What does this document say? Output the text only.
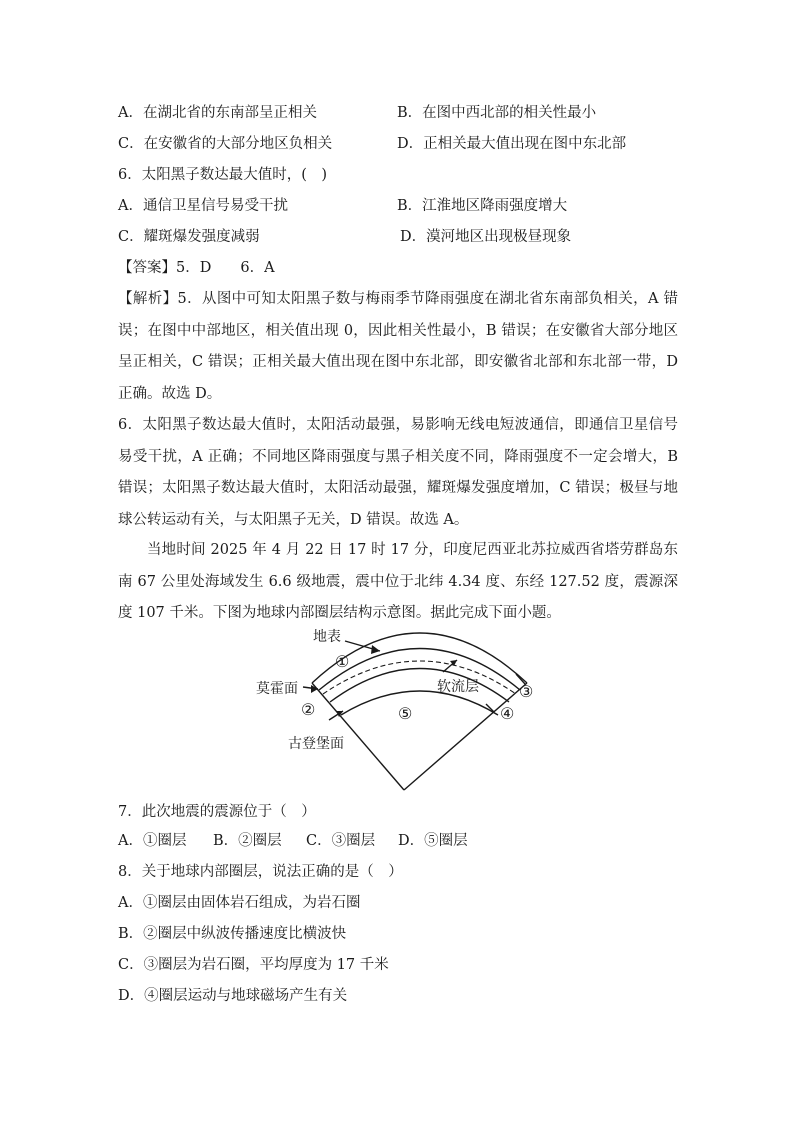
A．在湖北省的东南部呈正相关	B．在图中西北部的相关性最小
C．在安徽省的大部分地区负相关	D．正相关最大值出现在图中东北部
6．太阳黑子数达最大值时，(　)
A．通信卫星信号易受干扰	B．江淮地区降雨强度增大
C．耀斑爆发强度减弱	D．漠河地区出现极昼现象
【答案】5．D　　6．A
【解析】5．从图中可知太阳黑子数与梅雨季节降雨强度在湖北省东南部负相关，A 错误；在图中中部地区，相关值出现 0，因此相关性最小，B 错误；在安徽省大部分地区呈正相关，C 错误；正相关最大值出现在图中东北部，即安徽省北部和东北部一带，D 正确。故选 D。
6．太阳黑子数达最大值时，太阳活动最强，易影响无线电短波通信，即通信卫星信号易受干扰，A 正确；不同地区降雨强度与黑子相关度不同，降雨强度不一定会增大，B 错误；太阳黑子数达最大值时，太阳活动最强，耀斑爆发强度增加，C 错误；极昼与地球公转运动有关，与太阳黑子无关，D 错误。故选 A。
当地时间 2025 年 4 月 22 日 17 时 17 分，印度尼西亚北苏拉威西省塔劳群岛东南 67 公里处海域发生 6.6 级地震，震中位于北纬 4.34 度、东经 127.52 度，震源深度 107 千米。下图为地球内部圈层结构示意图。据此完成下面小题。
地表
①
莫霍面
②
软流层	③
④
⑤
古登堡面
7．此次地震的震源位于（　）
A．①圈层 B．②圈层 C．③圈层 D．⑤圈层
8．关于地球内部圈层，说法正确的是（　）
A．①圈层由固体岩石组成，为岩石圈
B．②圈层中纵波传播速度比横波快
C．③圈层为岩石圈，平均厚度为 17 千米
D．④圈层运动与地球磁场产生有关
